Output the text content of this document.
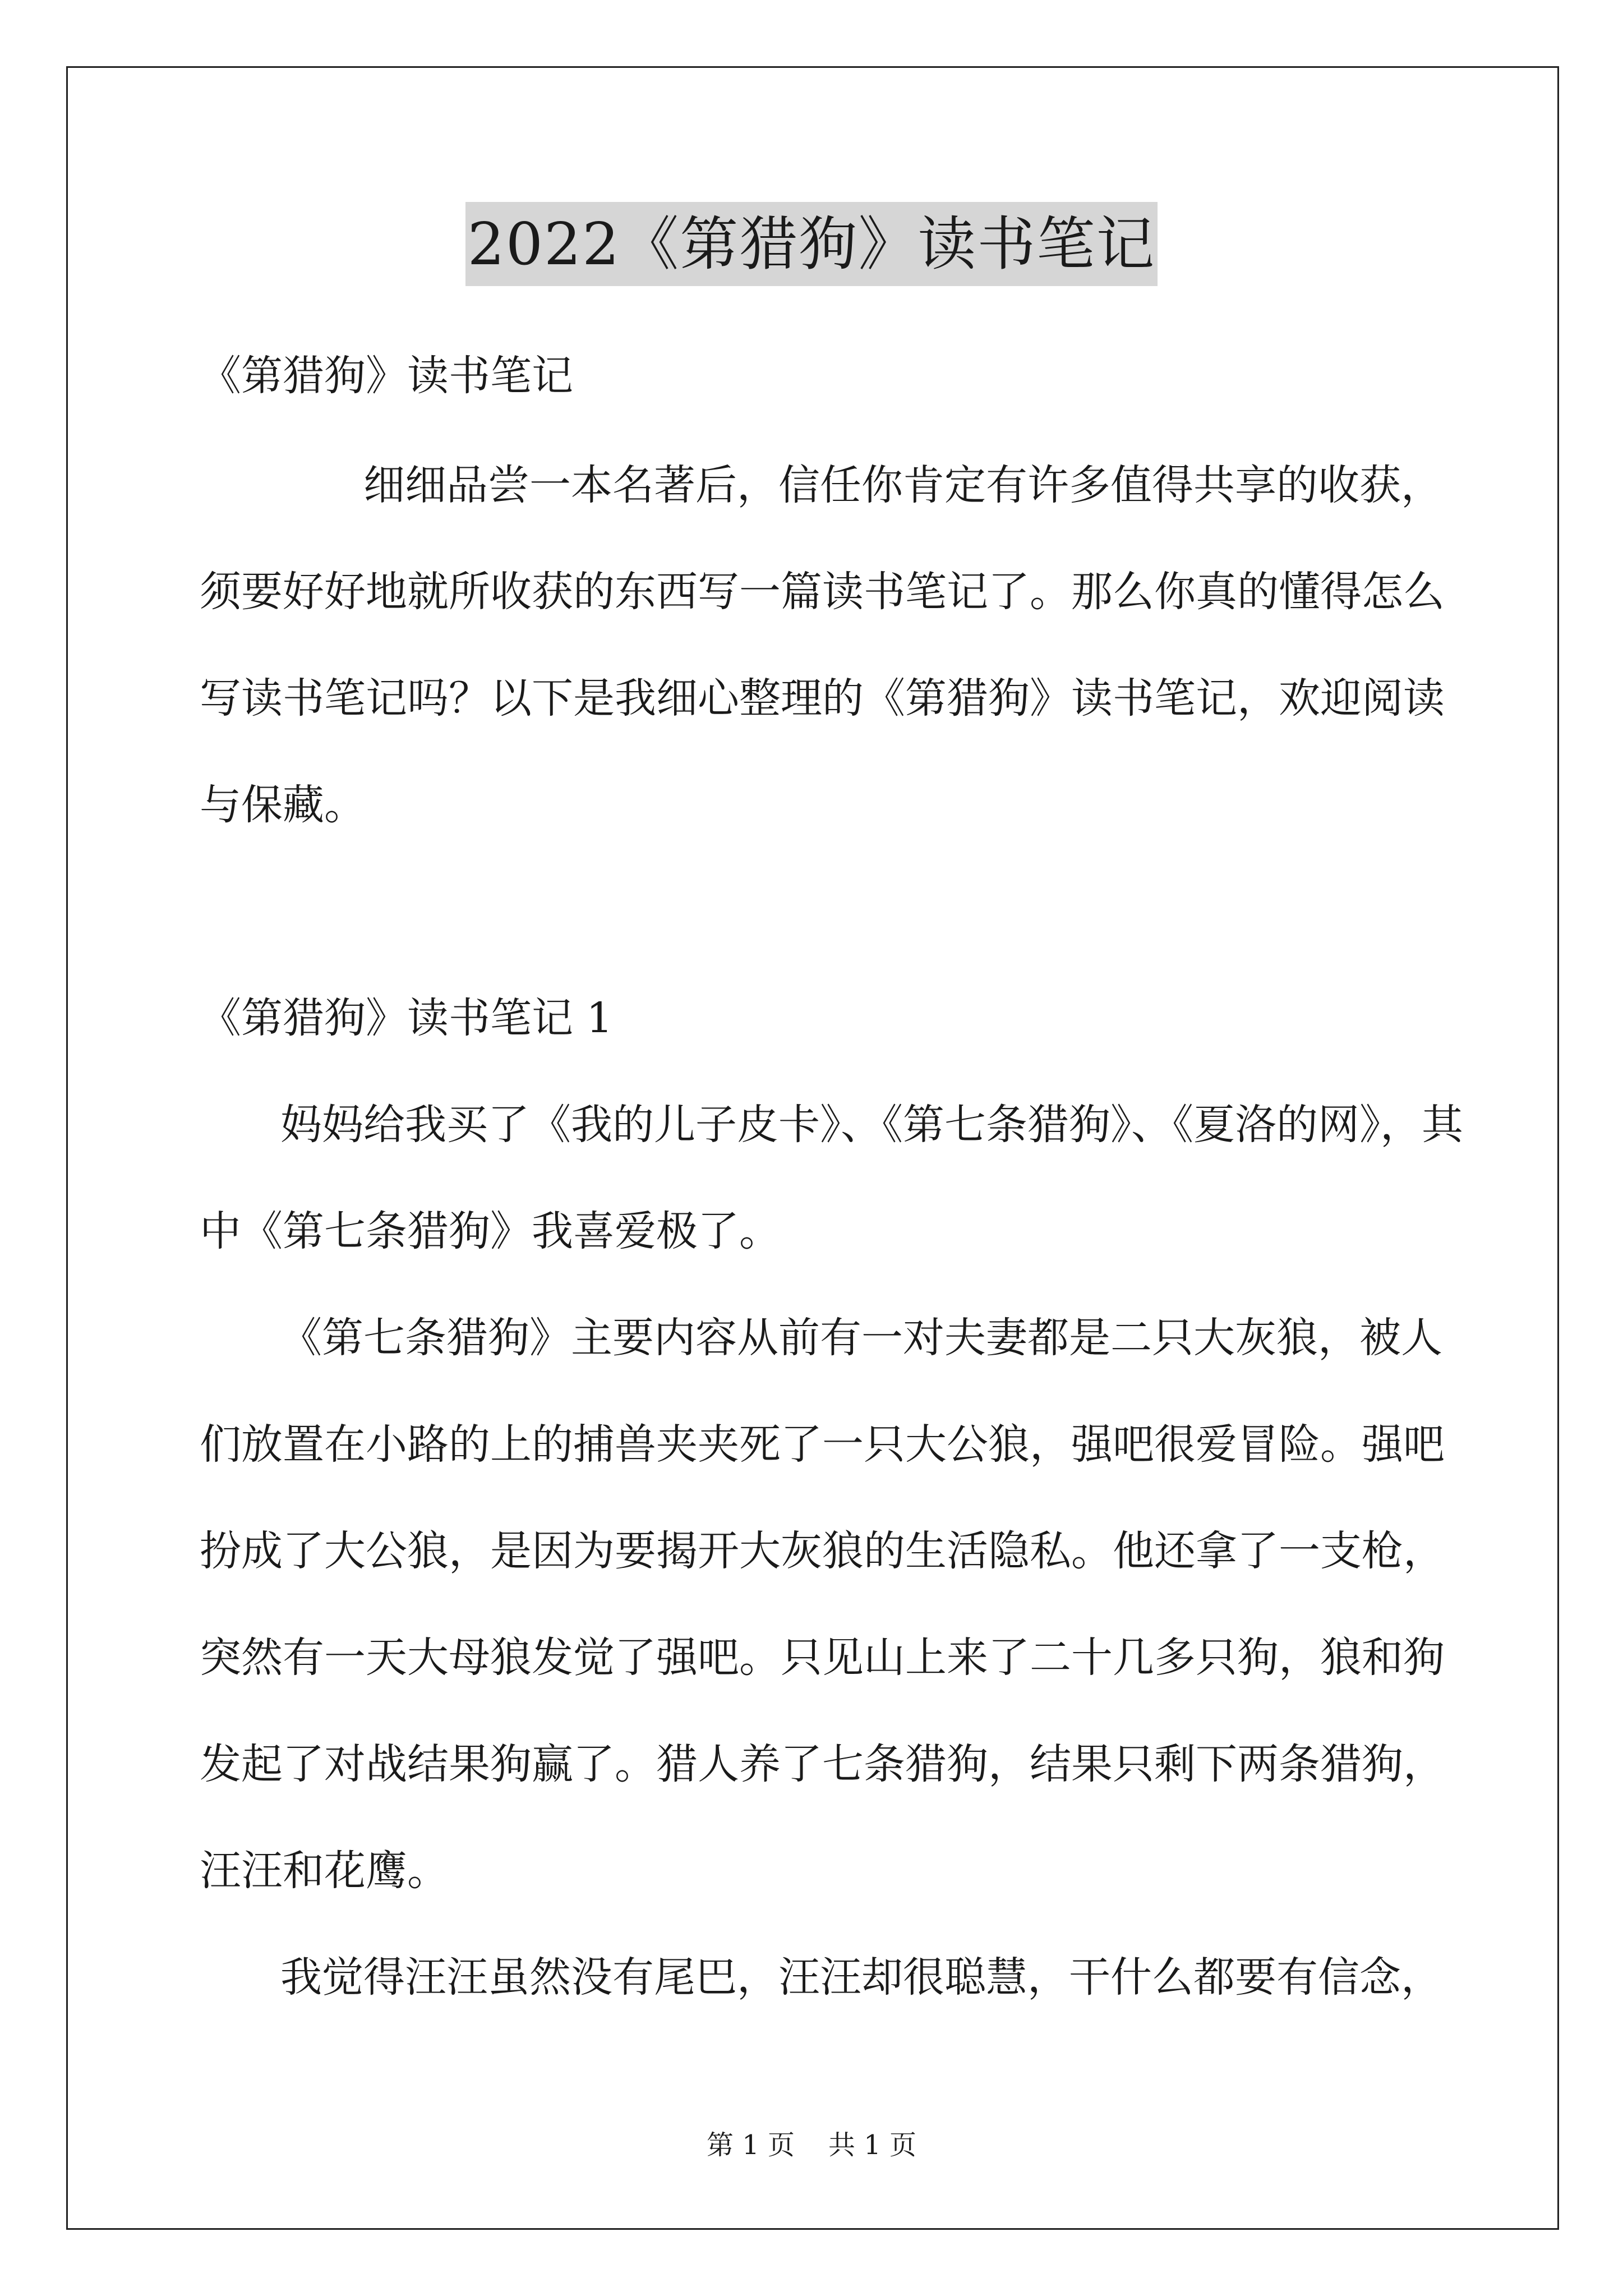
2022《第猎狗》读书笔记
《第猎狗》读书笔记
细细品尝一本名著后，信任你肯定有许多值得共享的收获，
须要好好地就所收获的东西写一篇读书笔记了。那么你真的懂得怎么
写读书笔记吗？以下是我细心整理的《第猎狗》读书笔记，欢迎阅读
与保藏。
《第猎狗》读书笔记 1
妈妈给我买了《我的儿子皮卡》、《第七条猎狗》、《夏洛的网》，其
中《第七条猎狗》我喜爱极了。
《第七条猎狗》主要内容从前有一对夫妻都是二只大灰狼，被人
们放置在小路的上的捕兽夹夹死了一只大公狼，强吧很爱冒险。强吧
扮成了大公狼，是因为要揭开大灰狼的生活隐私。他还拿了一支枪，
突然有一天大母狼发觉了强吧。只见山上来了二十几多只狗，狼和狗
发起了对战结果狗赢了。猎人养了七条猎狗，结果只剩下两条猎狗，
汪汪和花鹰。
我觉得汪汪虽然没有尾巴，汪汪却很聪慧，干什么都要有信念，
第 1 页 共 1 页
